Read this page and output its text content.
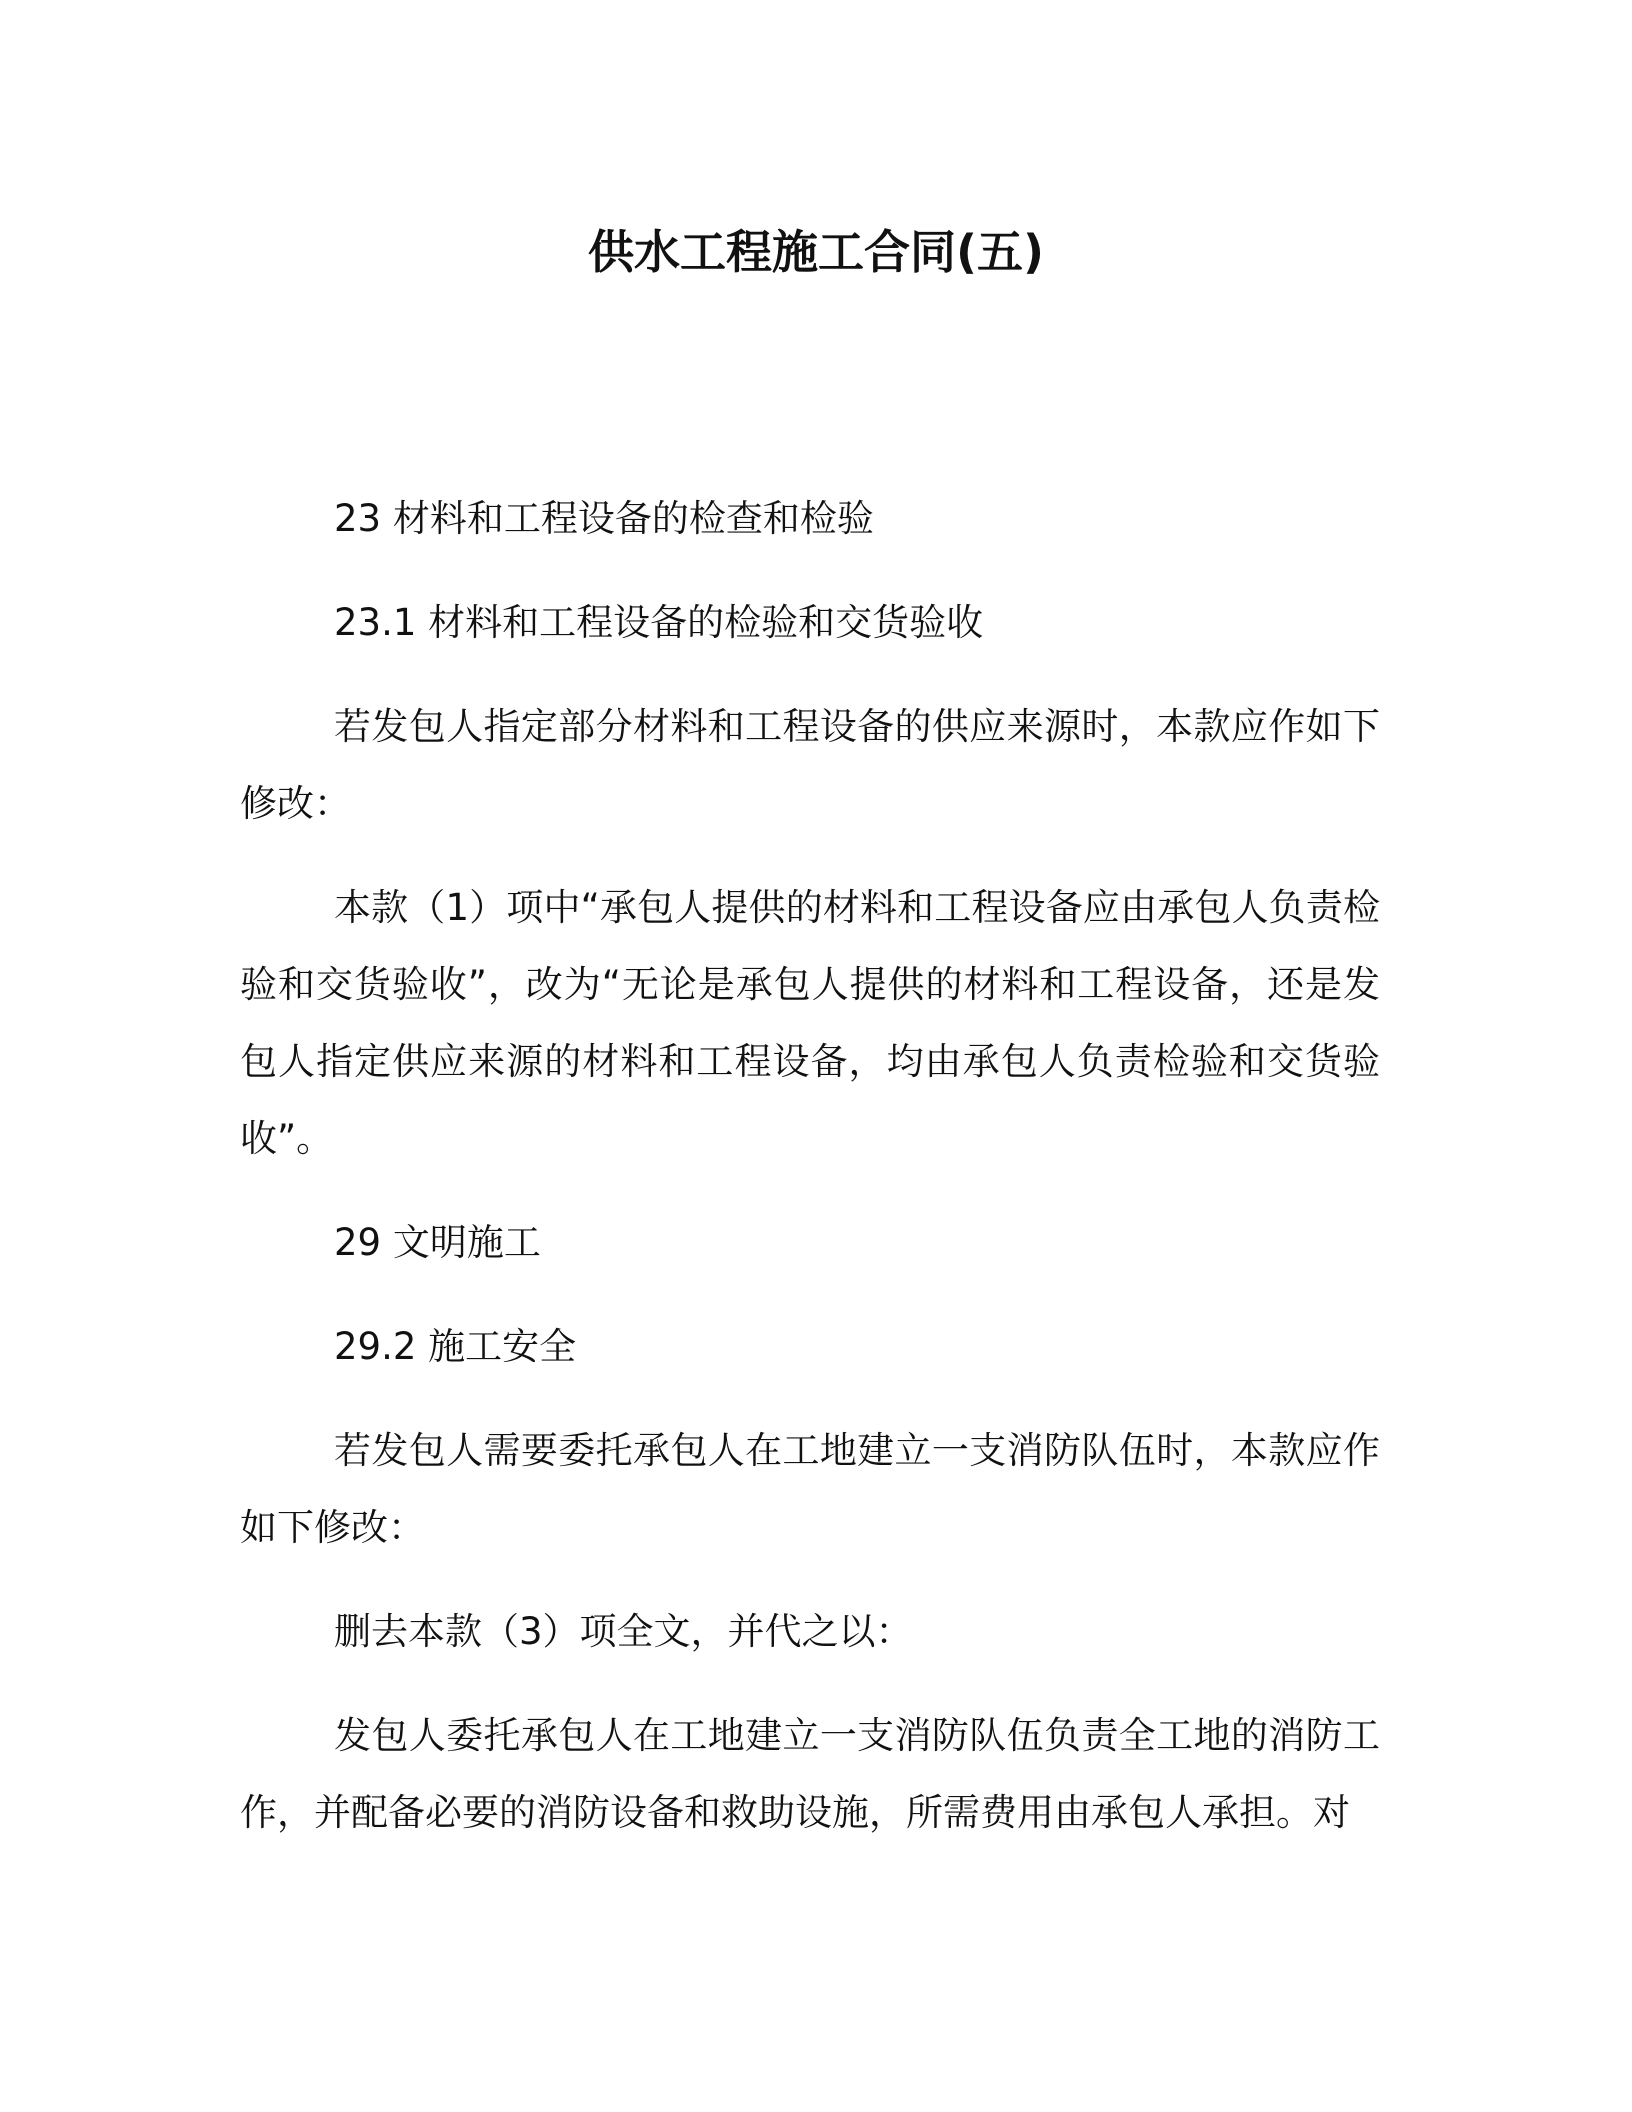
供水工程施工合同(五)

23 材料和工程设备的检查和检验

23.1 材料和工程设备的检验和交货验收

若发包人指定部分材料和工程设备的供应来源时，本款应作如下修改：

本款（1）项中“承包人提供的材料和工程设备应由承包人负责检验和交货验收”，改为“无论是承包人提供的材料和工程设备，还是发包人指定供应来源的材料和工程设备，均由承包人负责检验和交货验收”。

29 文明施工

29.2 施工安全

若发包人需要委托承包人在工地建立一支消防队伍时，本款应作如下修改：

删去本款（3）项全文，并代之以：

发包人委托承包人在工地建立一支消防队伍负责全工地的消防工作，并配备必要的消防设备和救助设施，所需费用由承包人承担。对
